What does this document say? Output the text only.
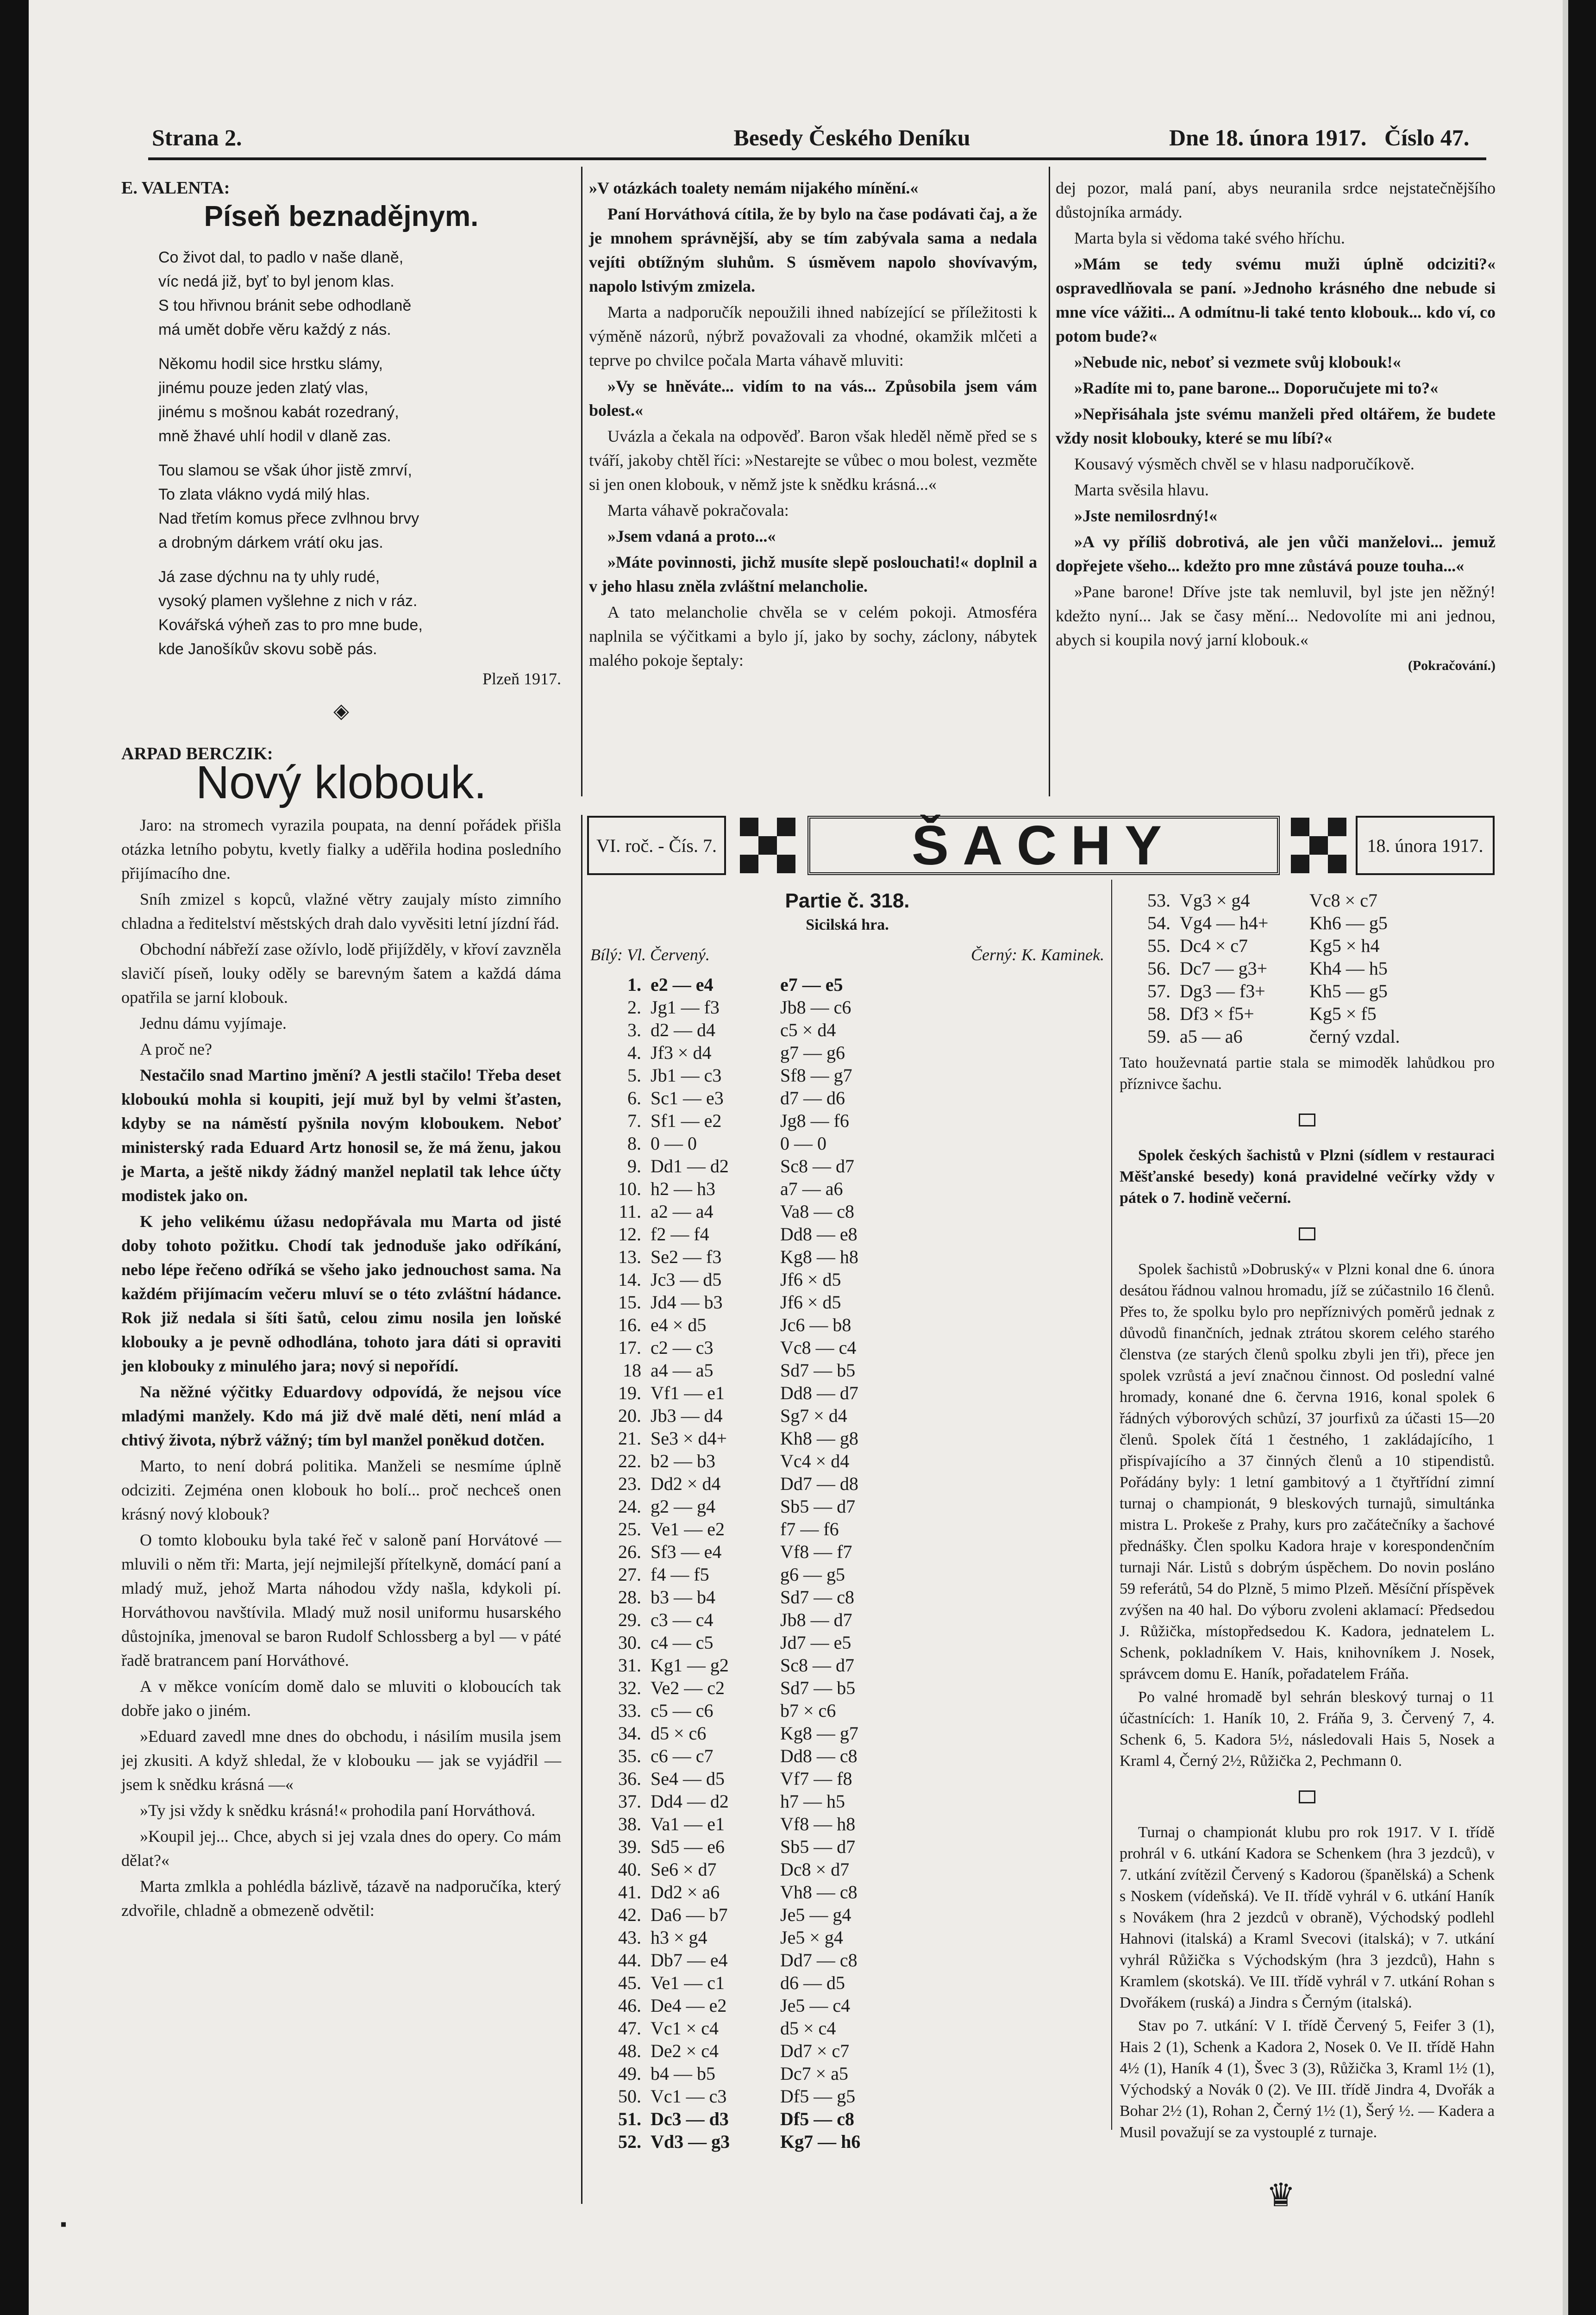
Strana 2.	Besedy Českého Deníku	Dne 18. února 1917. Číslo 47.
E. VALENTA:
Píseň beznadějnym.
Co život dal, to padlo v naše dlaně,
víc nedá již, byť to byl jenom klas.
S tou hřivnou bránit sebe odhodlaně
má umět dobře věru každý z nás.
Někomu hodil sice hrstku slámy,
jinému pouze jeden zlatý vlas,
jinému s mošnou kabát rozedraný,
mně žhavé uhlí hodil v dlaně zas.
Tou slamou se však úhor jistě zmrví,
To zlata vlákno vydá milý hlas.
Nad třetím komus přece zvlhnou brvy
a drobným dárkem vrátí oku jas.
Já zase dýchnu na ty uhly rudé,
vysoký plamen vyšlehne z nich v ráz.
Kovářská výheň zas to pro mne bude,
kde Janošíkův skovu sobě pás.
Plzeň 1917.
◈
ARPAD BERCZIK:
Nový klobouk.

Jaro: na stromech vyrazila poupata, na denní pořádek přišla otázka letního pobytu, kvetly fialky a uděřila hodina posledního přijímacího dne.

Sníh zmizel s kopců, vlažné větry zaujaly místo zimního chladna a ředitelství městských drah dalo vyvěsiti letní jízdní řád.

Obchodní nábřeží zase ožívlo, lodě přijížděly, v křoví zavzněla slavičí píseň, louky oděly se barevným šatem a každá dáma opatřila se jarní klobouk.

Jednu dámu vyjímaje.

A proč ne?

Nestačilo snad Martino jmění? A jestli stačilo! Třeba deset kloboukú mohla si koupiti, její muž byl by velmi šťasten, kdyby se na náměstí pyšnila novým kloboukem. Neboť ministerský rada Eduard Artz honosil se, že má ženu, jakou je Marta, a ještě nikdy žádný manžel neplatil tak lehce účty modistek jako on.

K jeho velikému úžasu nedopřávala mu Marta od jisté doby tohoto požitku. Chodí tak jednoduše jako odříkání, nebo lépe řečeno odříká se všeho jako jednouchost sama. Na každém přijímacím večeru mluví se o této zvláštní hádance. Rok již nedala si šíti šatů, celou zimu nosila jen loňské klobouky a je pevně odhodlána, tohoto jara dáti si opraviti jen klobouky z minulého jara; nový si nepořídí.

Na něžné výčitky Eduardovy odpovídá, že nejsou více mladými manžely. Kdo má již dvě malé děti, není mlád a chtivý života, nýbrž vážný; tím byl manžel poněkud dotčen.

Marto, to není dobrá politika. Manželi se nesmíme úplně odciziti. Zejména onen klobouk ho bolí... proč nechceš onen krásný nový klobouk?

O tomto klobouku byla také řeč v saloně paní Horvátové — mluvili o něm tři: Marta, její nejmilejší přítelkyně, domácí paní a mladý muž, jehož Marta náhodou vždy našla, kdykoli pí. Horváthovou navštívila. Mladý muž nosil uniformu husarského důstojníka, jmenoval se baron Rudolf Schlossberg a byl — v páté řadě bratrancem paní Horváthové.

A v měkce vonícím domě dalo se mluviti o kloboucích tak dobře jako o jiném.

»Eduard zavedl mne dnes do obchodu, i násilím musila jsem jej zkusiti. A když shledal, že v klobouku — jak se vyjádřil — jsem k snědku krásná —«

»Ty jsi vždy k snědku krásná!« prohodila paní Horváthová.

»Koupil jej... Chce, abych si jej vzala dnes do opery. Co mám dělat?«

Marta zmlkla a pohlédla bázlivě, tázavě na nadporučíka, který zdvořile, chladně a obmezeně odvětil:

»V otázkách toalety nemám nijakého mínění.«

Paní Horváthová cítila, že by bylo na čase podávati čaj, a že je mnohem správnější, aby se tím zabývala sama a nedala vejíti obtížným sluhům. S úsměvem napolo shovívavým, napolo lstivým zmizela.

Marta a nadporučík nepoužili ihned nabízející se příležitosti k výměně názorů, nýbrž považovali za vhodné, okamžik mlčeti a teprve po chvilce počala Marta váhavě mluviti:

»Vy se hněváte... vidím to na vás... Způsobila jsem vám bolest.«

Uvázla a čekala na odpověď. Baron však hleděl němě před se s tváří, jakoby chtěl říci: »Nestarejte se vůbec o mou bolest, vezměte si jen onen klobouk, v němž jste k snědku krásná...«

Marta váhavě pokračovala:

»Jsem vdaná a proto...«

»Máte povinnosti, jichž musíte slepě poslouchati!« doplnil a v jeho hlasu zněla zvláštní melancholie.

A tato melancholie chvěla se v celém pokoji. Atmosféra naplnila se výčitkami a bylo jí, jako by sochy, záclony, nábytek malého pokoje šeptaly:

dej pozor, malá paní, abys neuranila srdce nejstatečnějšího důstojníka armády.

Marta byla si vědoma také svého hříchu.

»Mám se tedy svému muži úplně odciziti?« ospravedlňovala se paní. »Jednoho krásného dne nebude si mne více vážiti... A odmítnu-li také tento klobouk... kdo ví, co potom bude?«

»Nebude nic, neboť si vezmete svůj klobouk!«

»Radíte mi to, pane barone... Doporučujete mi to?«

»Nepřisáhala jste svému manželi před oltářem, že budete vždy nosit klobouky, které se mu líbí?«

Kousavý výsměch chvěl se v hlasu nadporučíkově.

Marta svěsila hlavu.

»Jste nemilosrdný!«

»A vy příliš dobrotivá, ale jen vůči manželovi... jemuž dopřejete všeho... kdežto pro mne zůstává pouze touha...«

»Pane barone! Dříve jste tak nemluvil, byl jste jen něžný! kdežto nyní... Jak se časy mění... Nedovolíte mi ani jednou, abych si koupila nový jarní klobouk.«

(Pokračování.)
VI. roč. - Čís. 7.	ŠACHY	18. února 1917.
Partie č. 318.
Sicilská hra.
Bílý: Vl. Červený.	Černý: K. Kaminek.
1. e2 — e4	e7 — e5
2. Jg1 — f3	Jb8 — c6
3. d2 — d4	c5 × d4
4. Jf3 × d4	g7 — g6
5. Jb1 — c3	Sf8 — g7
6. Sc1 — e3	d7 — d6
7. Sf1 — e2	Jg8 — f6
8. 0 — 0	0 — 0
9. Dd1 — d2	Sc8 — d7
10. h2 — h3	a7 — a6
11. a2 — a4	Va8 — c8
12. f2 — f4	Dd8 — e8
13. Se2 — f3	Kg8 — h8
14. Jc3 — d5	Jf6 × d5
15. Jd4 — b3	Jf6 × d5
16. e4 × d5	Jc6 — b8
17. c2 — c3	Vc8 — c4
18 a4 — a5	Sd7 — b5
19. Vf1 — e1	Dd8 — d7
20. Jb3 — d4	Sg7 × d4
21. Se3 × d4+	Kh8 — g8
22. b2 — b3	Vc4 × d4
23. Dd2 × d4	Dd7 — d8
24. g2 — g4	Sb5 — d7
25. Ve1 — e2	f7 — f6
26. Sf3 — e4	Vf8 — f7
27. f4 — f5	g6 — g5
28. b3 — b4	Sd7 — c8
29. c3 — c4	Jb8 — d7
30. c4 — c5	Jd7 — e5
31. Kg1 — g2	Sc8 — d7
32. Ve2 — c2	Sd7 — b5
33. c5 — c6	b7 × c6
34. d5 × c6	Kg8 — g7
35. c6 — c7	Dd8 — c8
36. Se4 — d5	Vf7 — f8
37. Dd4 — d2	h7 — h5
38. Va1 — e1	Vf8 — h8
39. Sd5 — e6	Sb5 — d7
40. Se6 × d7	Dc8 × d7
41. Dd2 × a6	Vh8 — c8
42. Da6 — b7	Je5 — g4
43. h3 × g4	Je5 × g4
44. Db7 — e4	Dd7 — c8
45. Ve1 — c1	d6 — d5
46. De4 — e2	Je5 — c4
47. Vc1 × c4	d5 × c4
48. De2 × c4	Dd7 × c7
49. b4 — b5	Dc7 × a5
50. Vc1 — c3	Df5 — g5
51. Dc3 — d3	Df5 — c8
52. Vd3 — g3	Kg7 — h6
53. Vg3 × g4	Vc8 × c7
54. Vg4 — h4+	Kh6 — g5
55. Dc4 × c7	Kg5 × h4
56. Dc7 — g3+	Kh4 — h5
57. Dg3 — f3+	Kh5 — g5
58. Df3 × f5+	Kg5 × f5
59. a5 — a6	černý vzdal.

Tato houževnatá partie stala se mimoděk lahůdkou pro příznivce šachu.

Spolek českých šachistů v Plzni (sídlem v restauraci Měšťanské besedy) koná pravidelné večírky vždy v pátek o 7. hodině večerní.

Spolek šachistů »Dobruský« v Plzni konal dne 6. února desátou řádnou valnou hromadu, jíž se zúčastnilo 16 členů. Přes to, že spolku bylo pro nepříznivých poměrů jednak z důvodů finančních, jednak ztrátou skorem celého starého členstva (ze starých členů spolku zbyli jen tři), přece jen spolek vzrůstá a jeví značnou činnost. Od poslední valné hromady, konané dne 6. června 1916, konal spolek 6 řádných výborových schůzí, 37 jourfixů za účasti 15—20 členů. Spolek čítá 1 čestného, 1 zakládajícího, 1 přispívajícího a 37 činných členů a 10 stipendistů. Pořádány byly: 1 letní gambitový a 1 čtyřtřídní zimní turnaj o championát, 9 bleskových turnajů, simultánka mistra L. Prokeše z Prahy, kurs pro začátečníky a šachové přednášky. Člen spolku Kadora hraje v korespondenčním turnaji Nár. Listů s dobrým úspěchem. Do novin posláno 59 referátů, 54 do Plzně, 5 mimo Plzeň. Měsíční příspěvek zvýšen na 40 hal. Do výboru zvoleni aklamací: Předsedou J. Růžička, místopředsedou K. Kadora, jednatelem L. Schenk, pokladníkem V. Hais, knihovníkem J. Nosek, správcem domu E. Haník, pořadatelem Fráňa.

Po valné hromadě byl sehrán bleskový turnaj o 11 účastnících: 1. Haník 10, 2. Fráňa 9, 3. Červený 7, 4. Schenk 6, 5. Kadora 5½, následovali Hais 5, Nosek a Kraml 4, Černý 2½, Růžička 2, Pechmann 0.

Turnaj o championát klubu pro rok 1917. V I. třídě prohrál v 6. utkání Kadora se Schenkem (hra 3 jezdců), v 7. utkání zvítězil Červený s Kadorou (španělská) a Schenk s Noskem (vídeňská). Ve II. třídě vyhrál v 6. utkání Haník s Novákem (hra 2 jezdců v obraně), Východský podlehl Hahnovi (italská) a Kraml Svecovi (italská); v 7. utkání vyhrál Růžička s Východským (hra 3 jezdců), Hahn s Kramlem (skotská). Ve III. třídě vyhrál v 7. utkání Rohan s Dvořákem (ruská) a Jindra s Černým (italská).

Stav po 7. utkání: V I. třídě Červený 5, Feifer 3 (1), Hais 2 (1), Schenk a Kadora 2, Nosek 0. Ve II. třídě Hahn 4½ (1), Haník 4 (1), Švec 3 (3), Růžička 3, Kraml 1½ (1), Východský a Novák 0 (2). Ve III. třídě Jindra 4, Dvořák a Bohar 2½ (1), Rohan 2, Černý 1½ (1), Šerý ½. — Kadera a Musil považují se za vystouplé z turnaje.

♛
▪
